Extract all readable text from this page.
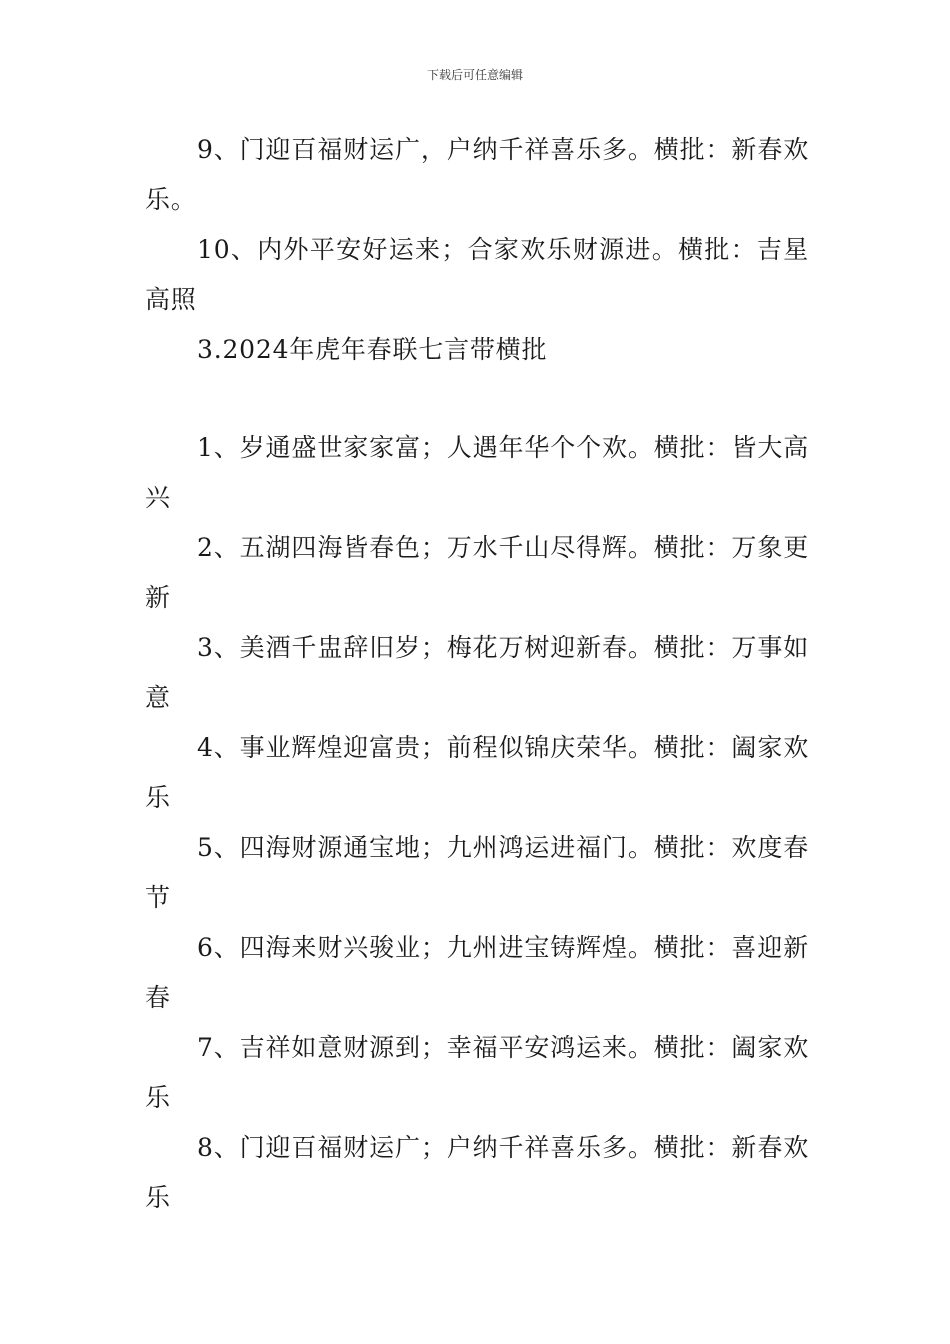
下载后可任意编辑

9、门迎百福财运广，户纳千祥喜乐多。横批：新春欢乐。

10、内外平安好运来；合家欢乐财源进。横批：吉星高照

3.2024年虎年春联七言带横批

1、岁通盛世家家富；人遇年华个个欢。横批：皆大高兴

2、五湖四海皆春色；万水千山尽得辉。横批：万象更新

3、美酒千盅辞旧岁；梅花万树迎新春。横批：万事如意

4、事业辉煌迎富贵；前程似锦庆荣华。横批：阖家欢乐

5、四海财源通宝地；九州鸿运进福门。横批：欢度春节

6、四海来财兴骏业；九州进宝铸辉煌。横批：喜迎新春

7、吉祥如意财源到；幸福平安鸿运来。横批：阖家欢乐

8、门迎百福财运广；户纳千祥喜乐多。横批：新春欢乐
